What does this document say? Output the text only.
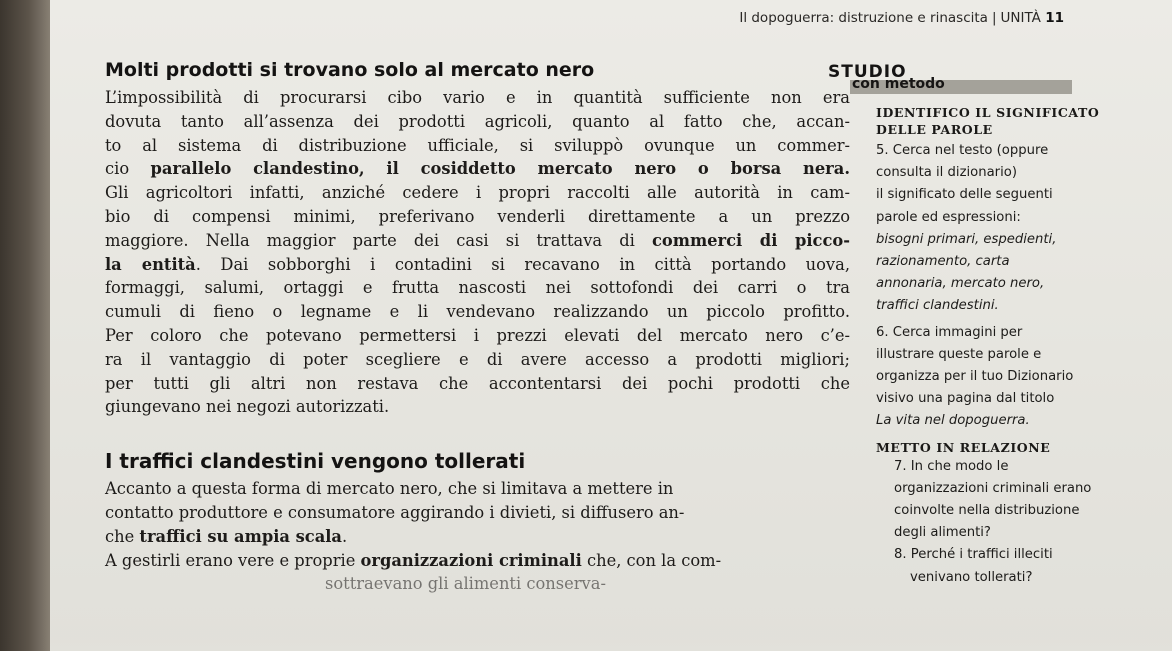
Il dopoguerra: distruzione e rinascita | UNITÀ 11
Molti prodotti si trovano solo al mercato nero

L’impossibilità di procurarsi cibo vario e in quantità sufficiente non era
dovuta tanto all’assenza dei prodotti agricoli, quanto al fatto che, accan-
to al sistema di distribuzione ufficiale, si sviluppò ovunque un commer-
cio parallelo clandestino, il cosiddetto mercato nero o borsa nera.
Gli agricoltori infatti, anziché cedere i propri raccolti alle autorità in cam-
bio di compensi minimi, preferivano venderli direttamente a un prezzo
maggiore. Nella maggior parte dei casi si trattava di commerci di picco-
la entità. Dai sobborghi i contadini si recavano in città portando uova,
formaggi, salumi, ortaggi e frutta nascosti nei sottofondi dei carri o tra
cumuli di fieno o legname e li vendevano realizzando un piccolo profitto.
Per coloro che potevano permettersi i prezzi elevati del mercato nero c’e-
ra il vantaggio di poter scegliere e di avere accesso a prodotti migliori;
per tutti gli altri non restava che accontentarsi dei pochi prodotti che
giungevano nei negozi autorizzati.

I traffici clandestini vengono tollerati

Accanto a questa forma di mercato nero, che si limitava a mettere in
contatto produttore e consumatore aggirando i divieti, si diffusero an-
che traffici su ampia scala.
A gestirli erano vere e proprie organizzazioni criminali che, con la com-
sottraevano gli alimenti conserva-

STUDIO
con metodo
IDENTIFICO IL SIGNIFICATO
DELLE PAROLE

5. Cerca nel testo (oppure
consulta il dizionario)
il significato delle seguenti
parole ed espressioni:
bisogni primari, espedienti,
razionamento, carta
annonaria, mercato nero,
traffici clandestini.

6. Cerca immagini per
illustrare queste parole e
organizza per il tuo Dizionario
visivo una pagina dal titolo
La vita nel dopoguerra.

METTO IN RELAZIONE

7. In che modo le
organizzazioni criminali erano
coinvolte nella distribuzione
degli alimenti?

8. Perché i traffici illeciti
venivano tollerati?
